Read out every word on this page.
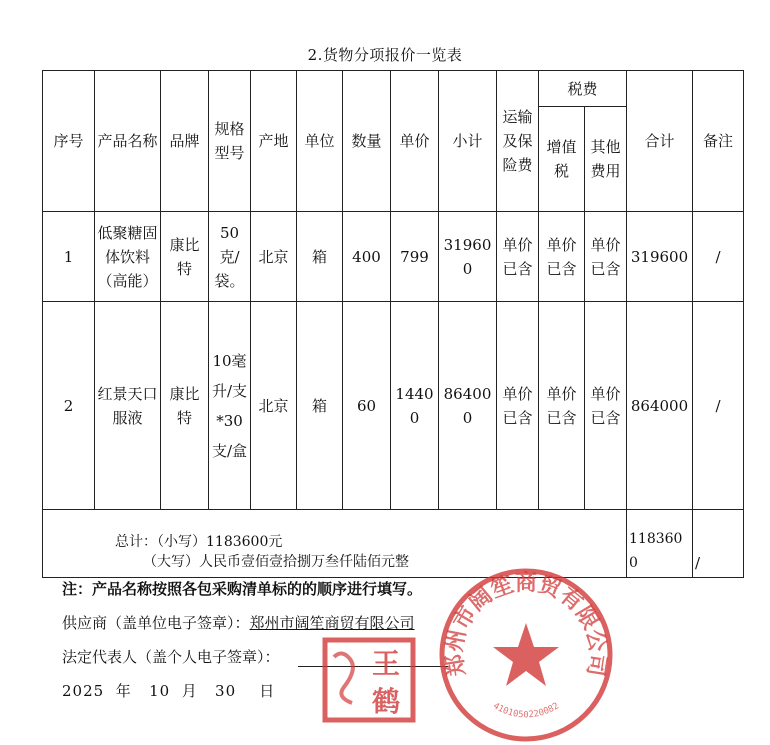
2.货物分项报价一览表
序号	产品名称	品牌	规格型号	产地	单位	数量	单价	小计	运输及保险费	税费		合计	备注
										增值税	其他费用		
1	低聚糖固体饮料（高能）	康比特	50克/袋。	北京	箱	400	799	319600	单价已含	单价已含	单价已含	319600	/
2	红景天口服液	康比特	10毫升/支*30支/盒	北京	箱	60	14400	864000	单价已含	单价已含	单价已含	864000	/

总计：（小写）1183600元
（大写）人民币壹佰壹拾捌万叁仟陆佰元整												1183600	/
注：产品名称按照各包采购清单标的的顺序进行填写。
供应商（盖单位电子签章）：郑州市阔笙商贸有限公司
法定代表人（盖个人电子签章）：
2025 年 10 月 30 日
郑州市阔笙商贸有限公司
4101050220082
王
鹤
